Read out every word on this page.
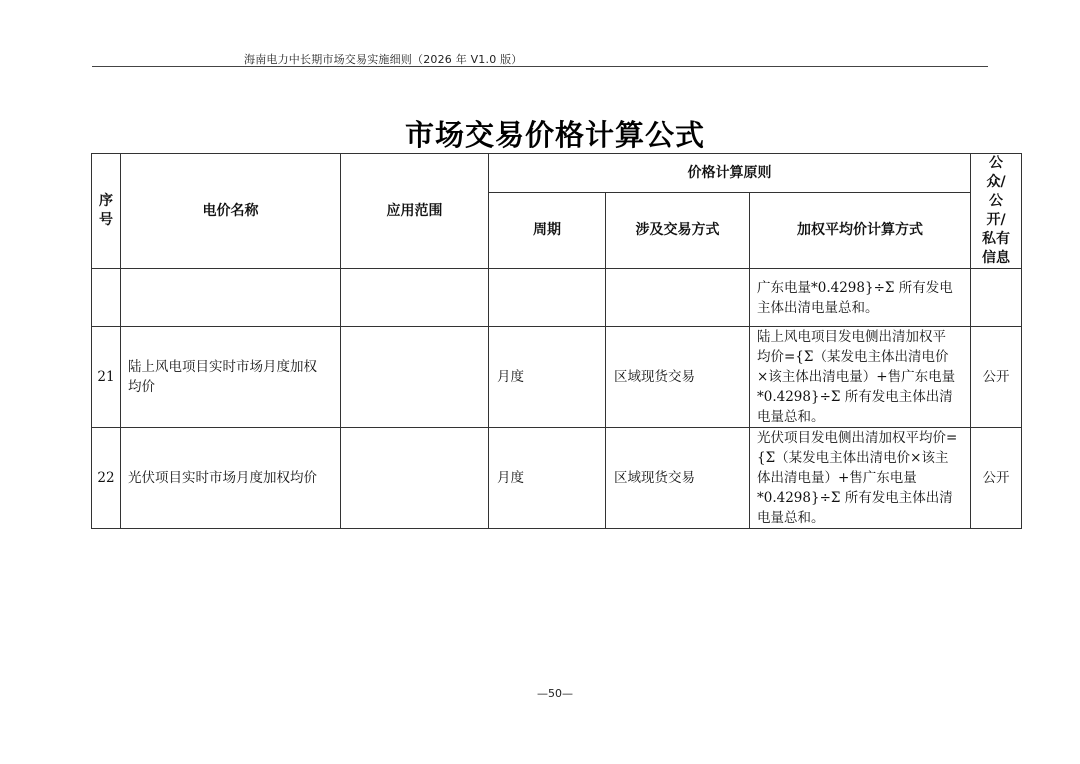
海南电力中长期市场交易实施细则（2026 年 V1.0 版）
市场交易价格计算公式
序号	电价名称	应用范围	价格计算原则			公众/公开/私有信息

			周期	涉及交易方式	加权平均价计算方式	

					广东电量*0.4298}÷Σ 所有发电主体出清电量总和。	

21	陆上风电项目实时市场月度加权均价		月度	区域现货交易	陆上风电项目发电侧出清加权平均价={Σ（某发电主体出清电价×该主体出清电量）+售广东电量*0.4298}÷Σ 所有发电主体出清电量总和。	公开
22	光伏项目实时市场月度加权均价		月度	区域现货交易	光伏项目发电侧出清加权平均价={Σ（某发电主体出清电价×该主体出清电量）+售广东电量*0.4298}÷Σ 所有发电主体出清电量总和。	公开
—50—
